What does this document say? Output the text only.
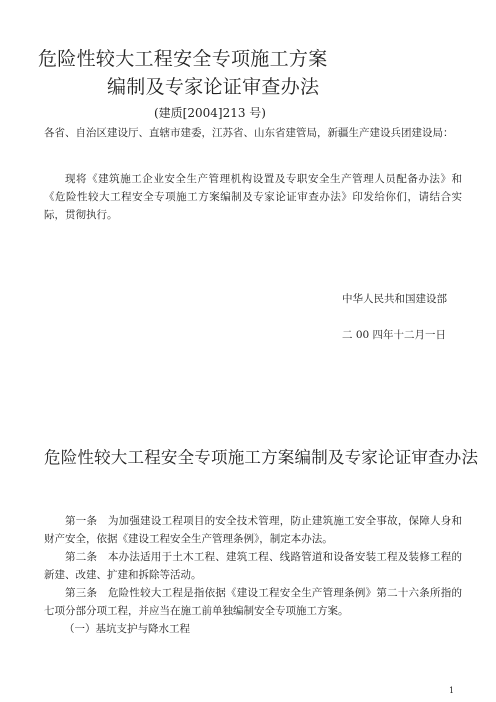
危险性较大工程安全专项施工方案
编制及专家论证审查办法
(建质[2004]213 号)
各省、自治区建设厅、直辖市建委，江苏省、山东省建管局，新疆生产建设兵团建设局：
现将《建筑施工企业安全生产管理机构设置及专职安全生产管理人员配备办法》和《危险性较大工程安全专项施工方案编制及专家论证审查办法》印发给你们，请结合实际，贯彻执行。
中华人民共和国建设部
二 00 四年十二月一日
危险性较大工程安全专项施工方案编制及专家论证审查办法
第一条　为加强建设工程项目的安全技术管理，防止建筑施工安全事故，保障人身和财产安全，依据《建设工程安全生产管理条例》，制定本办法。
第二条　本办法适用于土木工程、建筑工程、线路管道和设备安装工程及装修工程的新建、改建、扩建和拆除等活动。
第三条　危险性较大工程是指依据《建设工程安全生产管理条例》第二十六条所指的七项分部分项工程，并应当在施工前单独编制安全专项施工方案。
（一）基坑支护与降水工程
1
